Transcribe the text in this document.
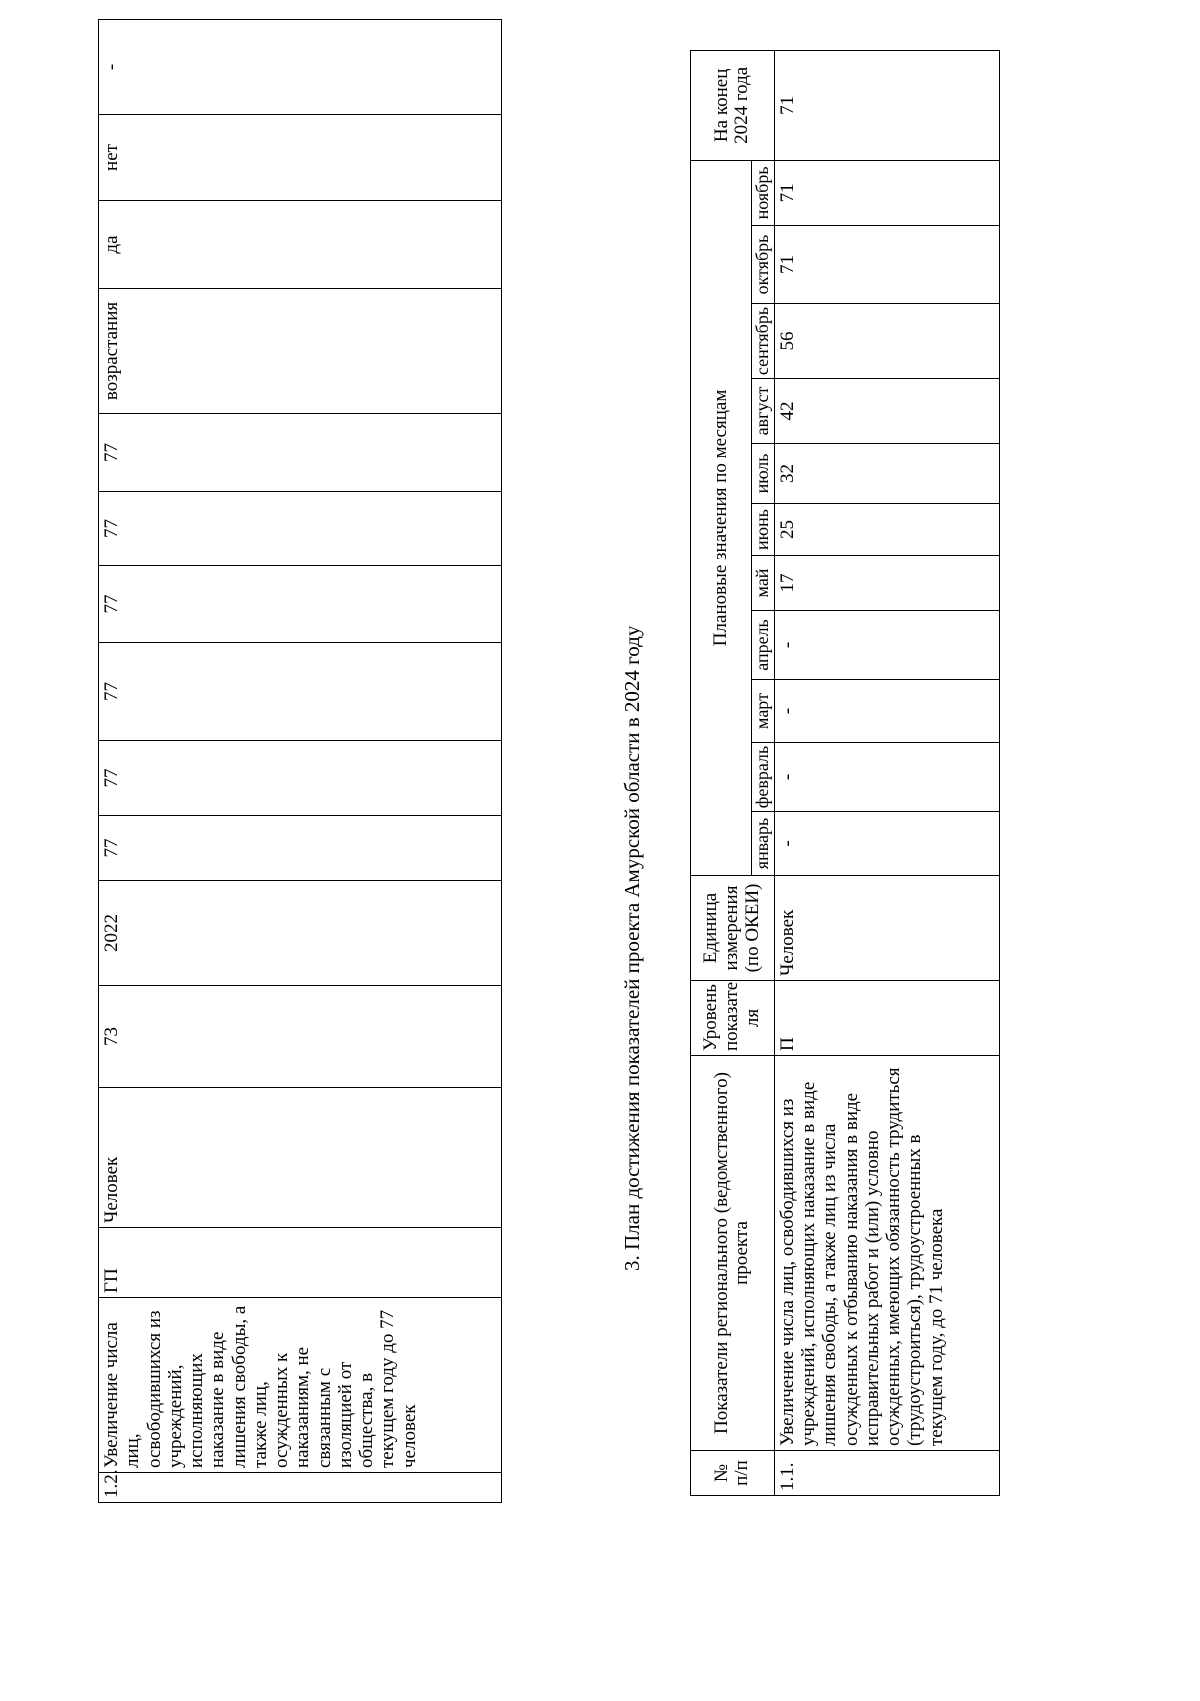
1.2.	Увеличение числа лиц, освободившихся из учреждений, исполняющих наказание в виде лишения свободы, а также лиц, осужденных к наказаниям, не связанным с изоляцией от общества, в текущем году до 77 человек	ГП	Человек	73	2022	77	77	77	77	77	77	возрастания	да	нет	-
3. План достижения показателей проекта Амурской области в 2024 году
№ п/п	Показатели регионального (ведомственного) проекта	Уровень показате ля	Единица измерения (по ОКЕИ)	Плановые значения по месяцам											На конец 2024 года
				январь	февраль	март	апрель	май	июнь	июль	август	сентябрь	октябрь	ноябрь	
1.1.	Увеличение числа лиц, освободившихся из учреждений, исполняющих наказание в виде лишения свободы, а также лиц из числа осужденных к отбыванию наказания в виде исправительных работ и (или) условно осужденных, имеющих обязанность трудиться (трудоустроиться), трудоустроенных в текущем году, до 71 человека	П	Человек	-	-	-	-	17	25	32	42	56	71	71	71
